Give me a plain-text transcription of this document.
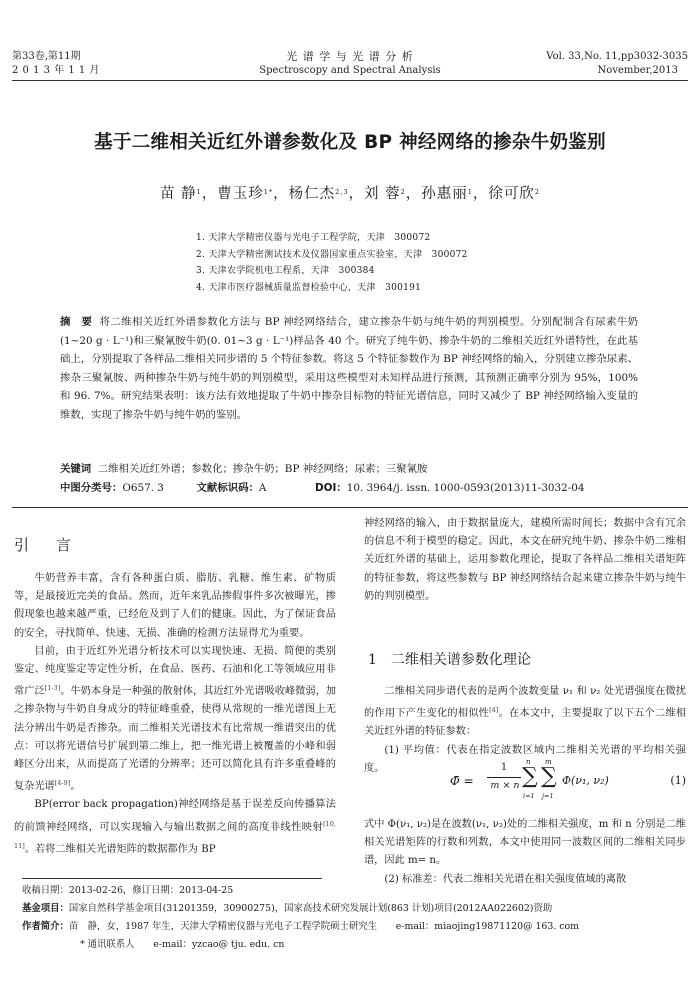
第33卷,第11期
2 0 1 3 年 1 1 月
光 谱 学 与 光 谱 分 析
Spectroscopy and Spectral Analysis
Vol. 33,No. 11,pp3032-3035
November,2013
基于二维相关近红外谱参数化及 BP 神经网络的掺杂牛奶鉴别
苗 静$^1$，曹玉珍$^{1*}$，杨仁杰$^{2,3}$，刘 蓉$^2$，孙惠丽$^1$，徐可欣$^2$
1. 天津大学精密仪器与光电子工程学院，天津　300072
2. 天津大学精密测试技术及仪器国家重点实验室，天津　300072
3. 天津农学院机电工程系，天津　300384
4. 天津市医疗器械质量监督检验中心，天津　300191
摘　要 将二维相关近红外谱参数化方法与 BP 神经网络结合，建立掺杂牛奶与纯牛奶的判别模型。分别配制含有尿素牛奶(1~20 g · L⁻¹)和三聚氰胺牛奶(0. 01~3 g · L⁻¹)样品各 40 个。研究了纯牛奶、掺杂牛奶的二维相关近红外谱特性，在此基础上，分别提取了各样品二维相关同步谱的 5 个特征参数。将这 5 个特征参数作为 BP 神经网络的输入，分别建立掺杂尿素、掺杂三聚氰胺、两种掺杂牛奶与纯牛奶的判别模型，采用这些模型对未知样品进行预测，其预测正确率分别为 95%，100% 和 96. 7%。研究结果表明：该方法有效地提取了牛奶中掺杂目标物的特征光谱信息，同时又减少了 BP 神经网络输入变量的维数，实现了掺杂牛奶与纯牛奶的鉴别。
关键词 二维相关近红外谱；参数化；掺杂牛奶；BP 神经网络；尿素；三聚氰胺
中图分类号：O657. 3	文献标识码：A	DOI：10. 3964/j. issn. 1000-0593(2013)11-3032-04
引　言

牛奶营养丰富，含有各种蛋白质、脂肪、乳糖、维生素、矿物质等，是最接近完美的食品。然而，近年来乳品掺假事件多次被曝光，掺假现象也越来越严重，已经危及到了人们的健康。因此，为了保证食品的安全，寻找简单、快速、无损、准确的检测方法显得尤为重要。

目前，由于近红外光谱分析技术可以实现快速、无损、简便的类别鉴定、纯度鉴定等定性分析，在食品、医药、石油和化工等领域应用非常广泛[1-3]。牛奶本身是一种强的散射体，其近红外光谱吸收峰微弱，加之掺杂物与牛奶自身成分的特征峰重叠，使得从常规的一维光谱图上无法分辨出牛奶是否掺杂。而二维相关光谱技术有比常规一维谱突出的优点：可以将光谱信号扩展到第二维上，把一维光谱上被覆盖的小峰和弱峰区分出来，从而提高了光谱的分辨率；还可以简化具有许多重叠峰的复杂光谱[4-9]。

BP(error back propagation)神经网络是基于误差反向传播算法的前馈神经网络，可以实现输入与输出数据之间的高度非线性映射[10, 11]。若将二维相关光谱矩阵的数据都作为 BP

神经网络的输入，由于数据量庞大，建模所需时间长；数据中含有冗余的信息不利于模型的稳定。因此，本文在研究纯牛奶、掺杂牛奶二维相关近红外谱的基础上，运用参数化理论，提取了各样品二维相关谱矩阵的特征参数，将这些参数与 BP 神经网络结合起来建立掺杂牛奶与纯牛奶的判别模型。

1　二维相关谱参数化理论

二维相关同步谱代表的是两个波数变量 ν₁ 和 ν₂ 处光谱强度在微扰的作用下产生变化的相似性[4]。在本文中，主要提取了以下五个二维相关近红外谱的特征参数：

(1) 平均值：代表在指定波数区域内二维相关光谱的平均相关强度。

Φ̄ =
1
m × n
n
∑
i=1
m
∑
j=1
Φ(ν₁, ν₂)	(1)

式中 Φ(ν₁, ν₂)是在波数(ν₁, ν₂)处的二维相关强度，m 和 n 分别是二维相关光谱矩阵的行数和列数，本文中使用同一波数区间的二维相关同步谱，因此 m= n。

(2) 标准差：代表二维相关光谱在相关强度值域的离散

收稿日期：2013-02-26，修订日期：2013-04-25
基金项目：国家自然科学基金项目(31201359，30900275)，国家高技术研究发展计划(863 计划)项目(2012AA022602)资助
作者简介：苗　静，女，1987 年生，天津大学精密仪器与光电子工程学院硕士研究生　　e-mail：miaojing19871120@ 163. com
* 通讯联系人　　e-mail：yzcao@ tju. edu. cn
